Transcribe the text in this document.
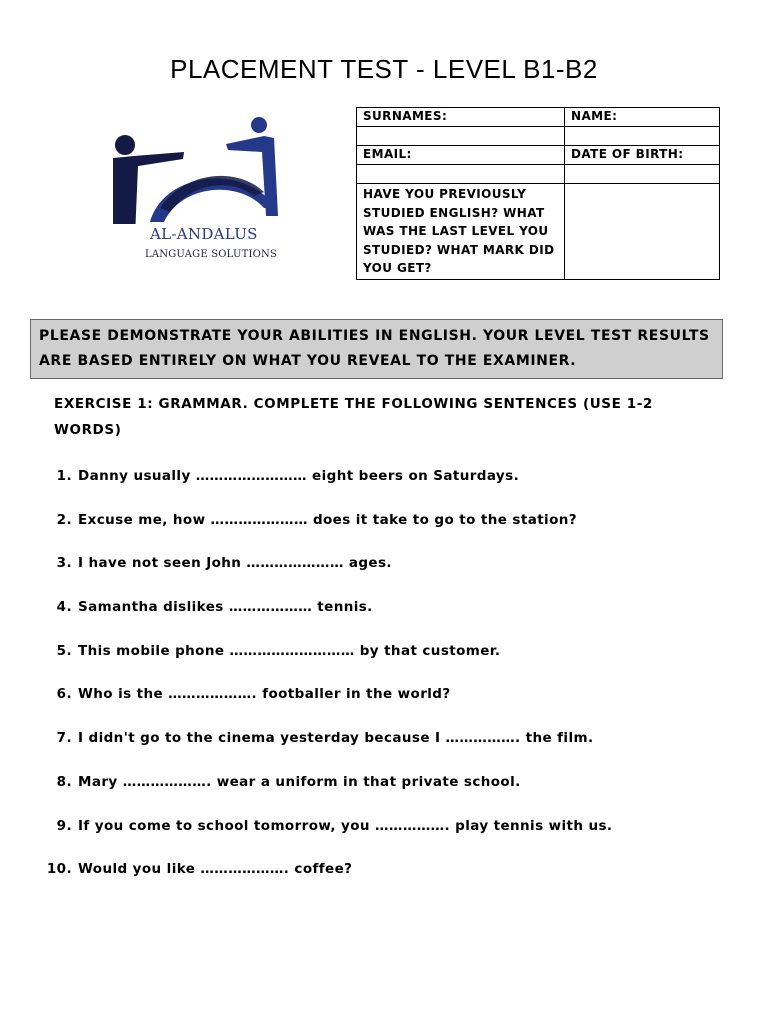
PLACEMENT TEST - LEVEL B1-B2
AL-ANDALUS
LANGUAGE SOLUTIONS
SURNAMES:	NAME:

EMAIL:	DATE OF BIRTH:

HAVE YOU PREVIOUSLY STUDIED ENGLISH? WHAT WAS THE LAST LEVEL YOU STUDIED? WHAT MARK DID YOU GET?	
PLEASE DEMONSTRATE YOUR ABILITIES IN ENGLISH. YOUR LEVEL TEST RESULTS ARE BASED ENTIRELY ON WHAT YOU REVEAL TO THE EXAMINER.
EXERCISE 1: GRAMMAR. COMPLETE THE FOLLOWING SENTENCES (USE 1-2 WORDS)
1. Danny usually …………………… eight beers on Saturdays.
2. Excuse me, how ………………… does it take to go to the station?
3. I have not seen John ………………… ages.
4. Samantha dislikes ……………… tennis.
5. This mobile phone ……………………… by that customer.
6. Who is the ………………. footballer in the world?
7. I didn't go to the cinema yesterday because I ……………. the film.
8. Mary ………………. wear a uniform in that private school.
9. If you come to school tomorrow, you ……………. play tennis with us.
10. Would you like ………………. coffee?
